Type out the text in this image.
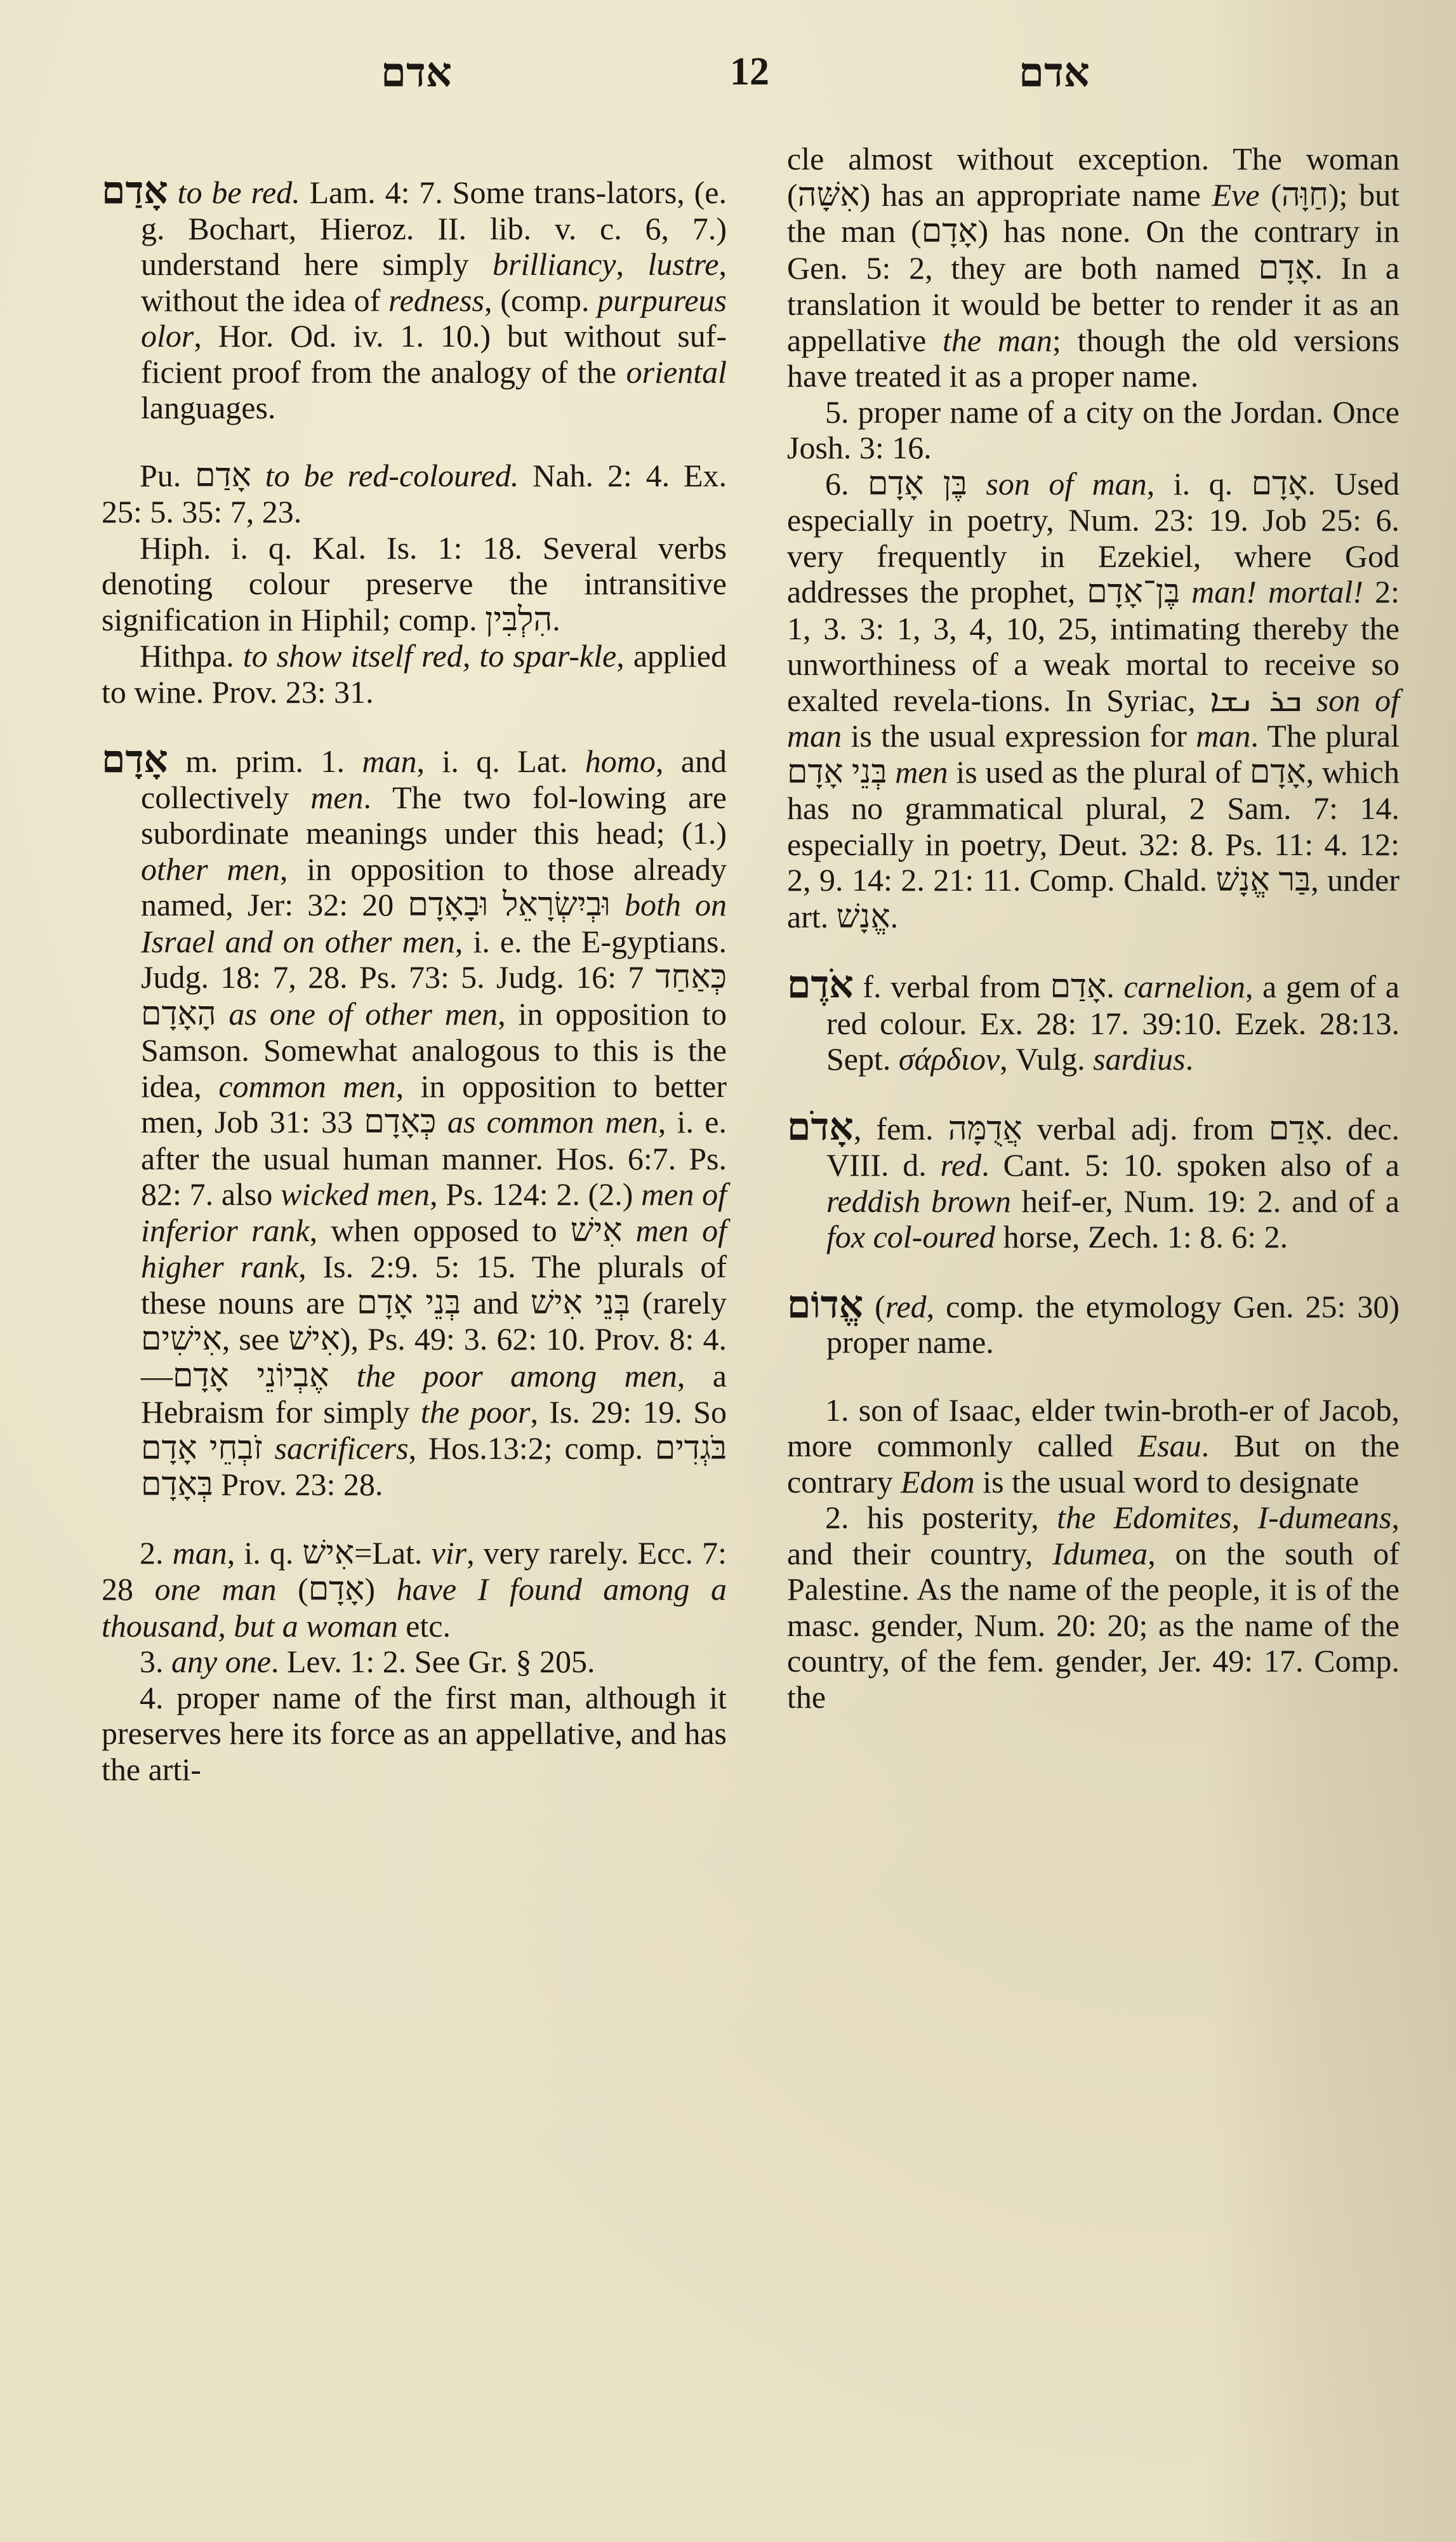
אדם	12	אדם

אָדַם to be red. Lam. 4: 7. Some trans-lators, (e. g. Bochart, Hieroz. II. lib. v. c. 6, 7.) understand here simply brilliancy, lustre, without the idea of redness, (comp. purpureus olor, Hor. Od. iv. 1. 10.) but without suf-ficient proof from the analogy of the oriental languages.

Pu. אָדַם to be red-coloured. Nah. 2: 4. Ex. 25: 5. 35: 7, 23.

Hiph. i. q. Kal. Is. 1: 18. Several verbs denoting colour preserve the intransitive signification in Hiphil; comp. הִלְבִּין.

Hithpa. to show itself red, to spar-kle, applied to wine. Prov. 23: 31.

אָדָם m. prim. 1. man, i. q. Lat. homo, and collectively men. The two fol-lowing are subordinate meanings under this head; (1.) other men, in opposition to those already named, Jer: 32: 20 וּבְיִשְׂרָאֵל וּבָאָדָם both on Israel and on other men, i. e. the E-gyptians. Judg. 18: 7, 28. Ps. 73: 5. Judg. 16: 7 כְּאַחַד הָאָדָם as one of other men, in opposition to Samson. Somewhat analogous to this is the idea, common men, in opposition to better men, Job 31: 33 כְּאָדָם as common men, i. e. after the usual human manner. Hos. 6:7. Ps. 82: 7. also wicked men, Ps. 124: 2. (2.) men of inferior rank, when opposed to אִישׁ men of higher rank, Is. 2:9. 5: 15. The plurals of these nouns are בְּנֵי אָדָם and בְּנֵי אִישׁ (rarely אִישִׁים, see אִישׁ), Ps. 49: 3. 62: 10. Prov. 8: 4.—אֶבְיוֹנֵי אָדָם the poor among men, a Hebraism for simply the poor, Is. 29: 19. So זֹבְחֵי אָדָם sacrificers, Hos.13:2; comp. בֹּגְדִים בְּאָדָם Prov. 23: 28.

2. man, i. q. אִישׁ=Lat. vir, very rarely. Ecc. 7: 28 one man (אָדָם) have I found among a thousand, but a woman etc.

3. any one. Lev. 1: 2. See Gr. § 205.

4. proper name of the first man, although it preserves here its force as an appellative, and has the arti-

cle almost without exception. The woman (אִשָּׁה) has an appropriate name Eve (חַוָּה); but the man (אָדָם) has none. On the contrary in Gen. 5: 2, they are both named אָדָם. In a translation it would be better to render it as an appellative the man; though the old versions have treated it as a proper name.

5. proper name of a city on the Jordan. Once Josh. 3: 16.

6. בֶּן אָדָם son of man, i. q. אָדָם. Used especially in poetry, Num. 23: 19. Job 25: 6. very frequently in Ezekiel, where God addresses the prophet, בֶּן־אָדָם man! mortal! 2: 1, 3. 3: 1, 3, 4, 10, 25, intimating thereby the unworthiness of a weak mortal to receive so exalted revela-tions. In Syriac, ܒܪ ܢܫܐ son of man is the usual expression for man. The plural בְּנֵי אָדָם men is used as the plural of אָדָם, which has no grammatical plural, 2 Sam. 7: 14. especially in poetry, Deut. 32: 8. Ps. 11: 4. 12: 2, 9. 14: 2. 21: 11. Comp. Chald. בַּר אֱנָשׁ, under art. אֱנָשׁ.

אֹדֶם f. verbal from אָדַם. carnelion, a gem of a red colour. Ex. 28: 17. 39:10. Ezek. 28:13. Sept. σάρδιον, Vulg. sardius.

אָדֹם, fem. אֲדֻמָּה verbal adj. from אָדַם. dec. VIII. d. red. Cant. 5: 10. spoken also of a reddish brown heif-er, Num. 19: 2. and of a fox col-oured horse, Zech. 1: 8. 6: 2.

אֱדוֹם (red, comp. the etymology Gen. 25: 30) proper name.

1. son of Isaac, elder twin-broth-er of Jacob, more commonly called Esau. But on the contrary Edom is the usual word to designate

2. his posterity, the Edomites, I-dumeans, and their country, Idumea, on the south of Palestine. As the name of the people, it is of the masc. gender, Num. 20: 20; as the name of the country, of the fem. gender, Jer. 49: 17. Comp. the
